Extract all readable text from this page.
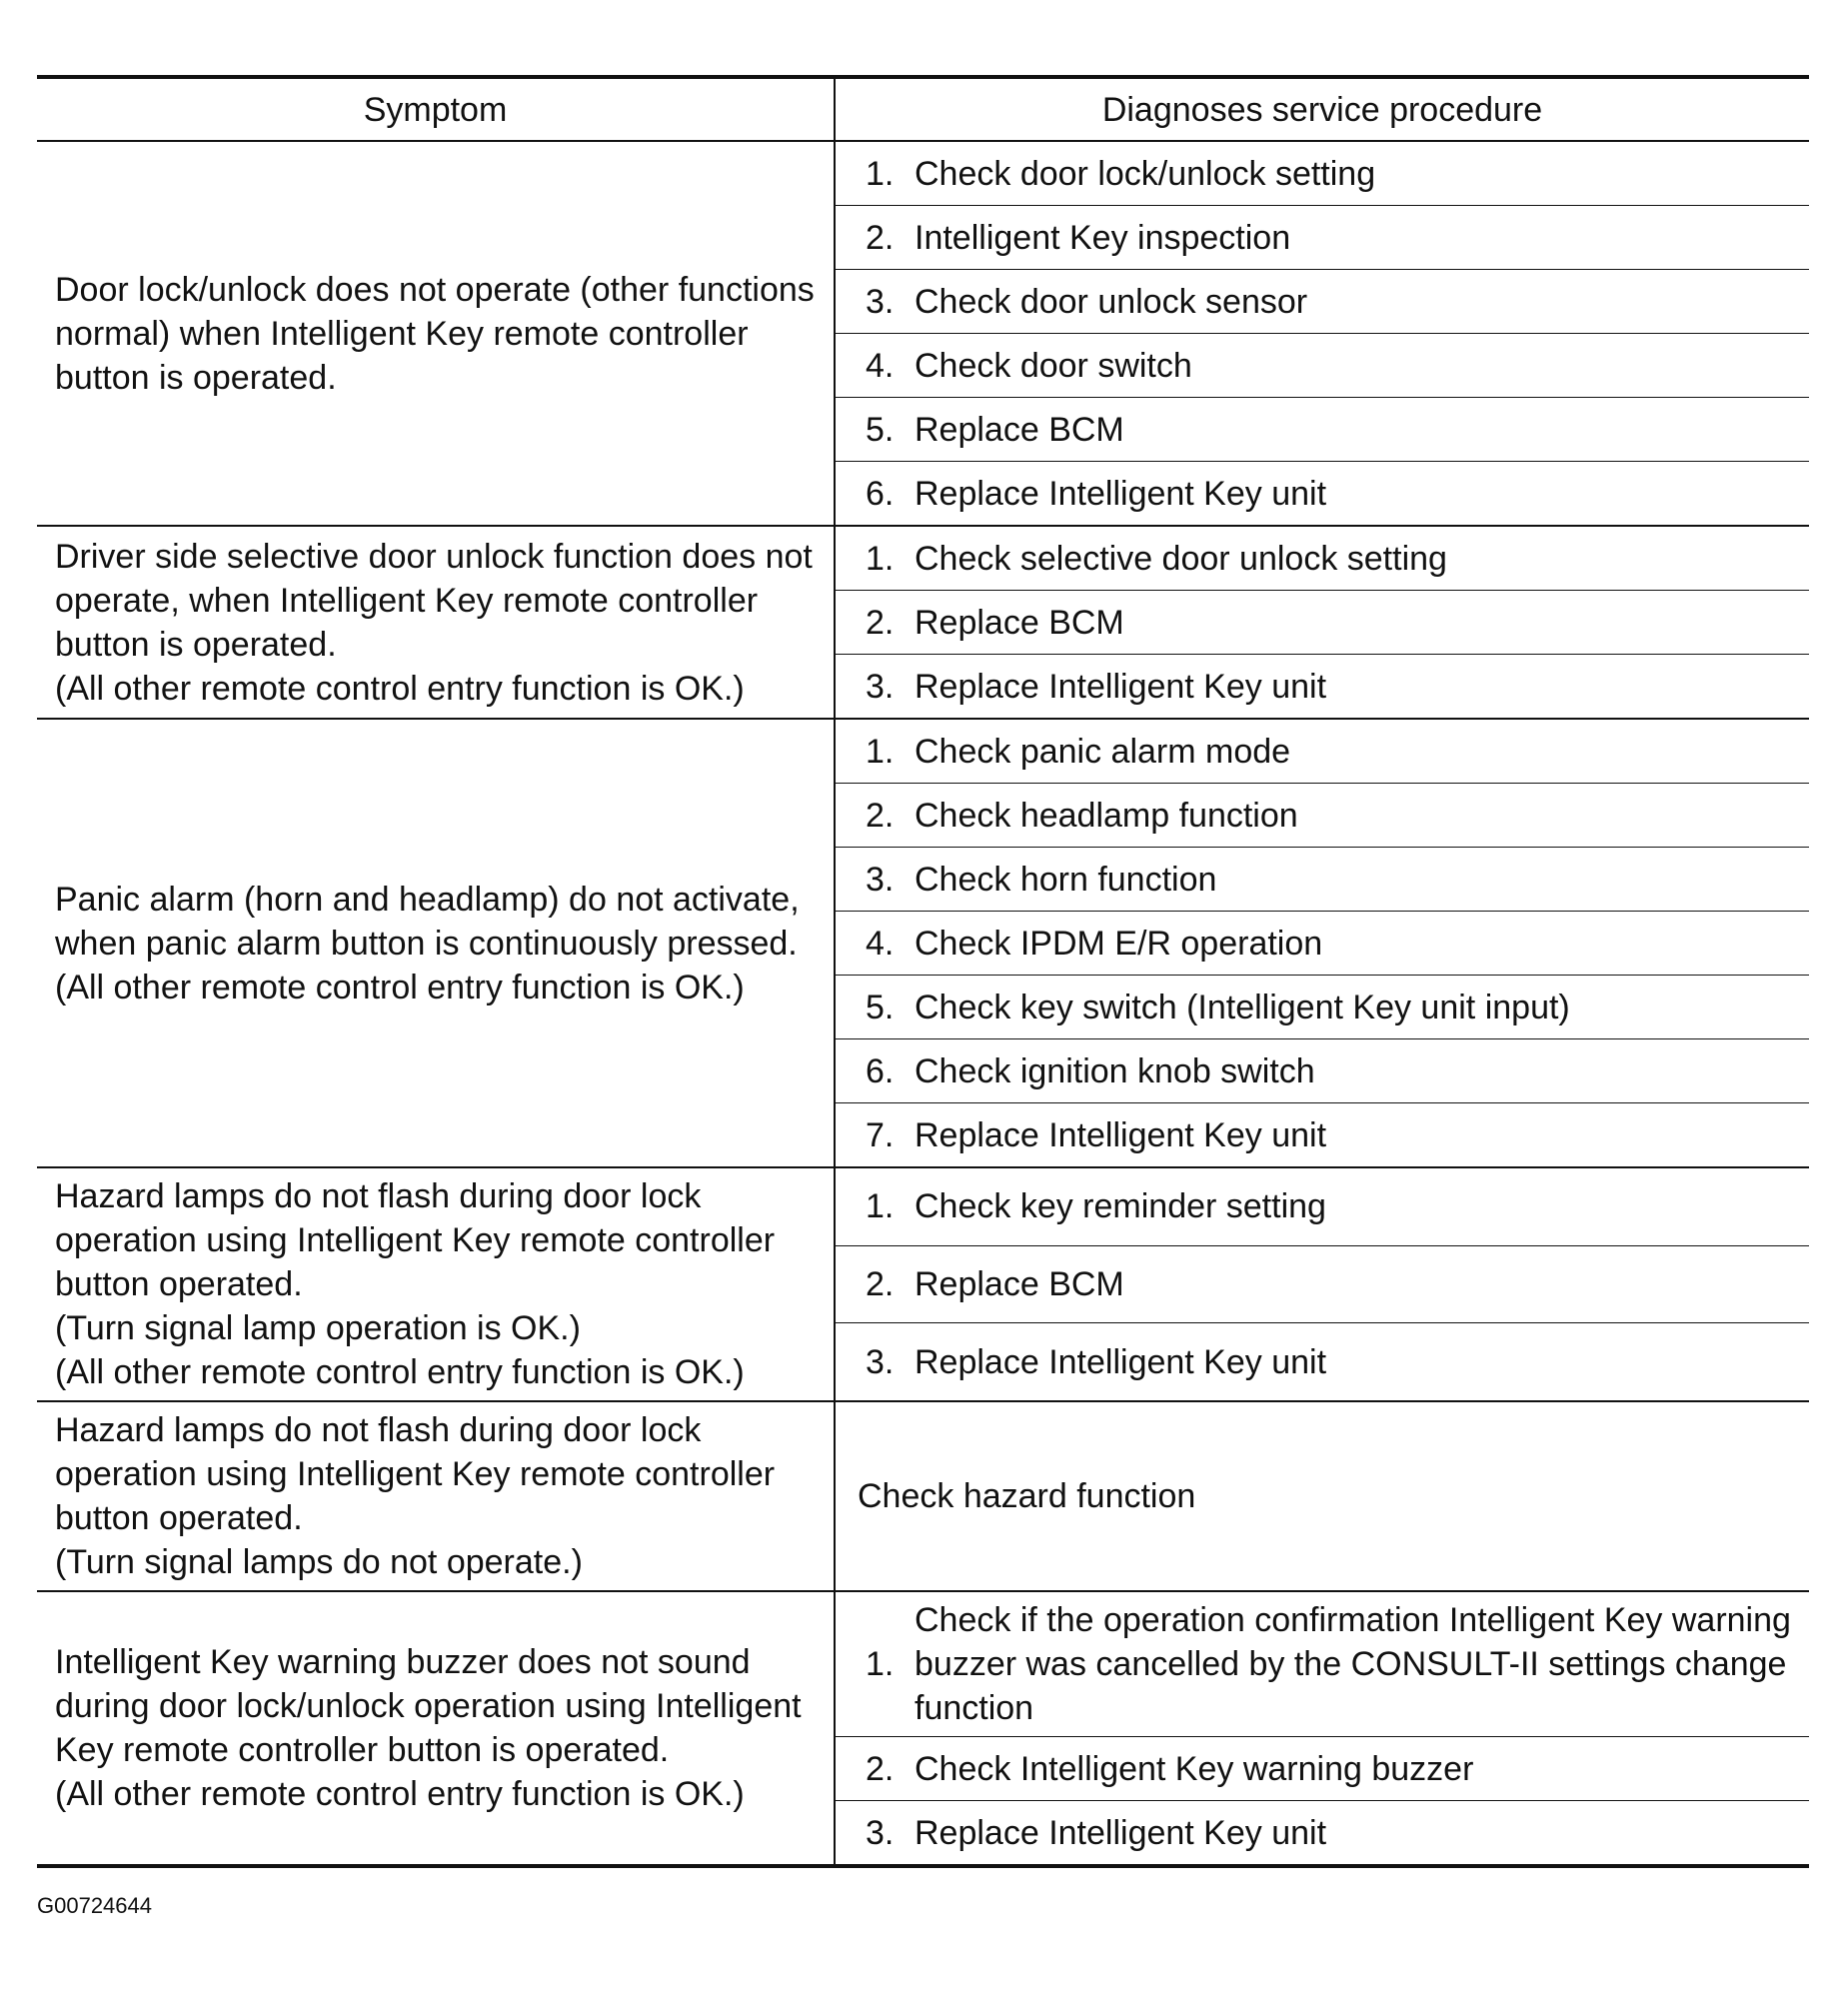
Symptom	Diagnoses service procedure	
Door lock/unlock does not operate (other functions normal) when Intelligent Key remote controller button is operated.	1.	Check door lock/unlock setting
	2.	Intelligent Key inspection
	3.	Check door unlock sensor
	4.	Check door switch
	5.	Replace BCM
	6.	Replace Intelligent Key unit
Driver side selective door unlock function does not operate, when Intelligent Key remote controller button is operated.
(All other remote control entry function is OK.)	1.	Check selective door unlock setting
	2.	Replace BCM
	3.	Replace Intelligent Key unit
Panic alarm (horn and headlamp) do not activate, when panic alarm button is continuously pressed.
(All other remote control entry function is OK.)	1.	Check panic alarm mode
	2.	Check headlamp function
	3.	Check horn function
	4.	Check IPDM E/R operation
	5.	Check key switch (Intelligent Key unit input)
	6.	Check ignition knob switch
	7.	Replace Intelligent Key unit
Hazard lamps do not flash during door lock operation using Intelligent Key remote controller button operated.
(Turn signal lamp operation is OK.)
(All other remote control entry function is OK.)	1.	Check key reminder setting
	2.	Replace BCM
	3.	Replace Intelligent Key unit
Hazard lamps do not flash during door lock operation using Intelligent Key remote controller button operated.
(Turn signal lamps do not operate.)	Check hazard function	
Intelligent Key warning buzzer does not sound during door lock/unlock operation using Intelligent Key remote controller button is operated.
(All other remote control entry function is OK.)	1.	Check if the operation confirmation Intelligent Key warning buzzer was cancelled by the CONSULT-II settings change function
	2.	Check Intelligent Key warning buzzer
	3.	Replace Intelligent Key unit
G00724644
